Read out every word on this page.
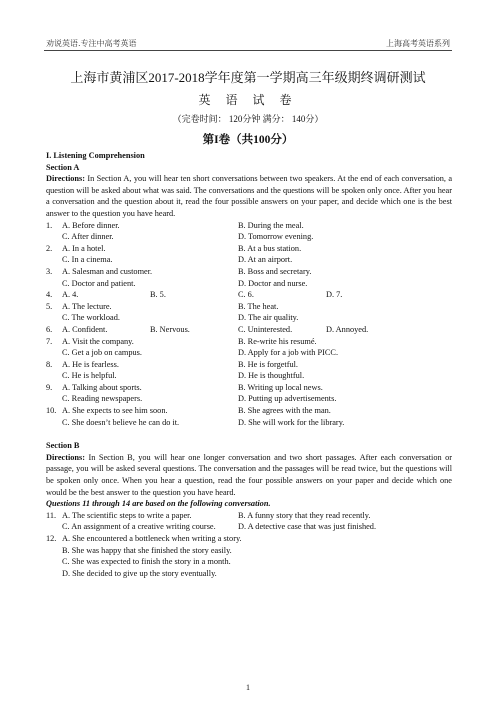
劝说英语.专注中高考英语	上海高考英语系列
上海市黄浦区2017-2018学年度第一学期高三年级期终调研测试
英 语 试 卷
（完卷时间： 120分钟 满分： 140分）
第I卷（共100分）

I. Listening Comprehension

Section A

Directions: In Section A, you will hear ten short conversations between two speakers. At the end of each conversation, a question will be asked about what was said. The conversations and the questions will be spoken only once. After you hear a conversation and the question about it, read the four possible answers on your paper, and decide which one is the best answer to the question you have heard.

1.	A. Before dinner.	B. During the meal.
C. After dinner.	D. Tomorrow evening.
2.	A. In a hotel.	B. At a bus station.
C. In a cinema.	D. At an airport.
3.	A. Salesman and customer.	B. Boss and secretary.
C. Doctor and patient.	D. Doctor and nurse.
4.	A. 4.	B. 5.	C. 6.	D. 7.
5.	A. The lecture.	B. The heat.
C. The workload.	D. The air quality.
6.	A. Confident.	B. Nervous.	C. Uninterested.	D. Annoyed.
7.	A. Visit the company.	B. Re-write his resumé.
C. Get a job on campus.	D. Apply for a job with PICC.
8.	A. He is fearless.	B. He is forgetful.
C. He is helpful.	D. He is thoughtful.
9.	A. Talking about sports.	B. Writing up local news.
C. Reading newspapers.	D. Putting up advertisements.
10. A. She expects to see him soon.	B. She agrees with the man.
C. She doesn’t believe he can do it.	D. She will work for the library.

Section B

Directions: In Section B, you will hear one longer conversation and two short passages. After each conversation or passage, you will be asked several questions. The conversation and the passages will be read twice, but the questions will be spoken only once. When you hear a question, read the four possible answers on your paper and decide which one would be the best answer to the question you have heard.

Questions 11 through 14 are based on the following conversation.

11. A. The scientific steps to write a paper.	B. A funny story that they read recently.
C. An assignment of a creative writing course.	D. A detective case that was just finished.
12. A. She encountered a bottleneck when writing a story.
B. She was happy that she finished the story easily.
C. She was expected to finish the story in a month.
D. She decided to give up the story eventually.
1
